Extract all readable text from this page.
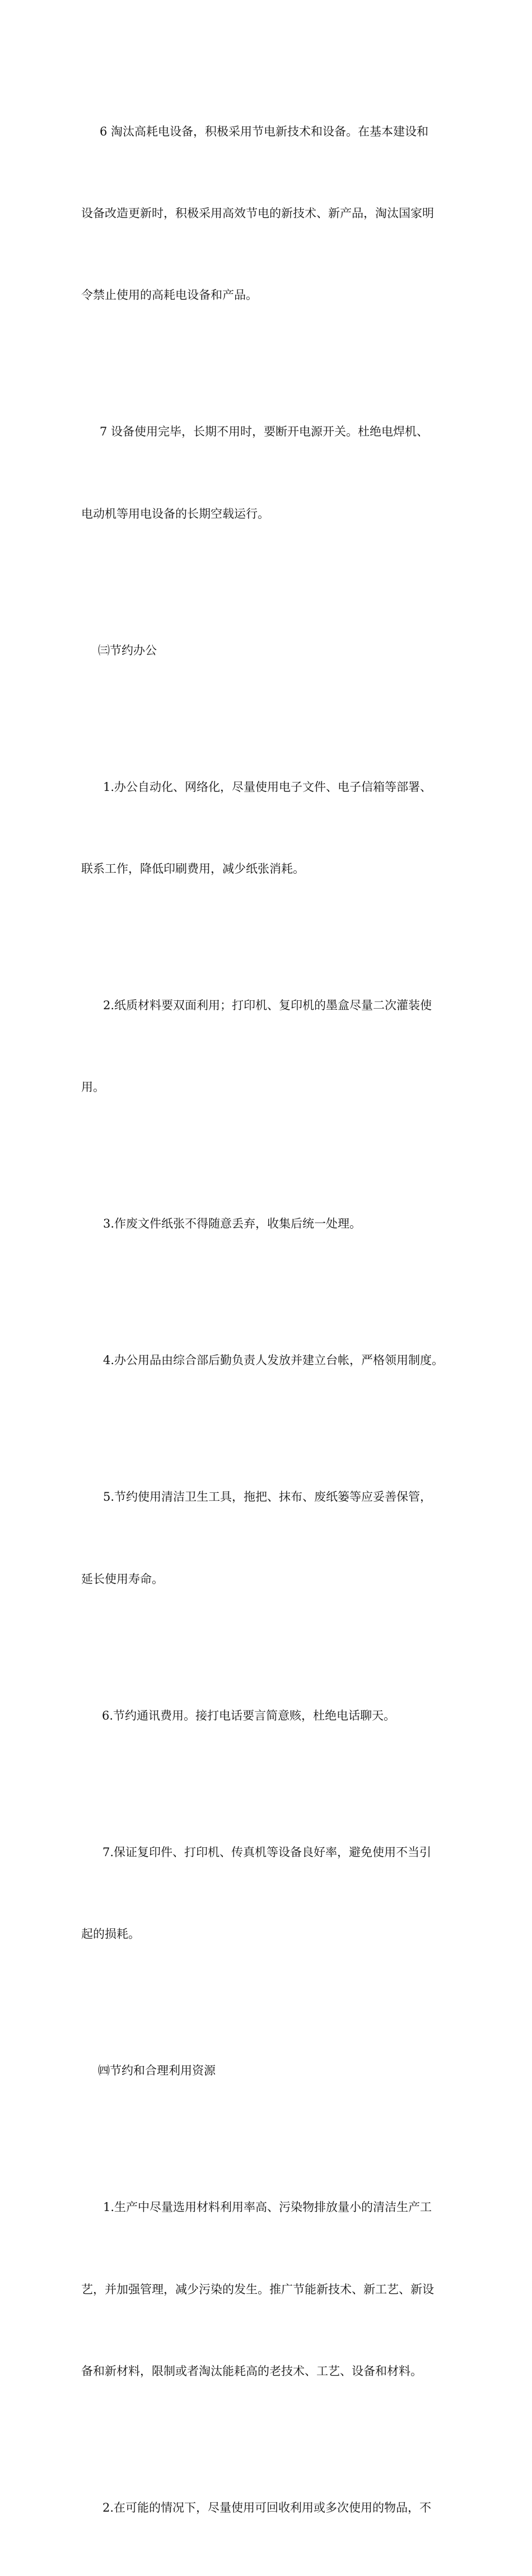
6 淘汰高耗电设备，积极采用节电新技术和设备。在基本建设和

设备改造更新时，积极采用高效节电的新技术、新产品，淘汰国家明

令禁止使用的高耗电设备和产品。

7 设备使用完毕，长期不用时，要断开电源开关。杜绝电焊机、

电动机等用电设备的长期空载运行。

㈢节约办公

1.办公自动化、网络化，尽量使用电子文件、电子信箱等部署、

联系工作，降低印刷费用，减少纸张消耗。

2.纸质材料要双面利用；打印机、复印机的墨盒尽量二次灌装使

用。

3.作废文件纸张不得随意丢弃，收集后统一处理。

4.办公用品由综合部后勤负责人发放并建立台帐，严格领用制度。

5.节约使用清洁卫生工具，拖把、抹布、废纸篓等应妥善保管，

延长使用寿命。

6.节约通讯费用。接打电话要言简意赅，杜绝电话聊天。

7.保证复印件、打印机、传真机等设备良好率，避免使用不当引

起的损耗。

㈣节约和合理利用资源

1.生产中尽量选用材料利用率高、污染物排放量小的清洁生产工

艺，并加强管理，减少污染的发生。推广节能新技术、新工艺、新设

备和新材料，限制或者淘汰能耗高的老技术、工艺、设备和材料。

2.在可能的情况下，尽量使用可回收利用或多次使用的物品，不
